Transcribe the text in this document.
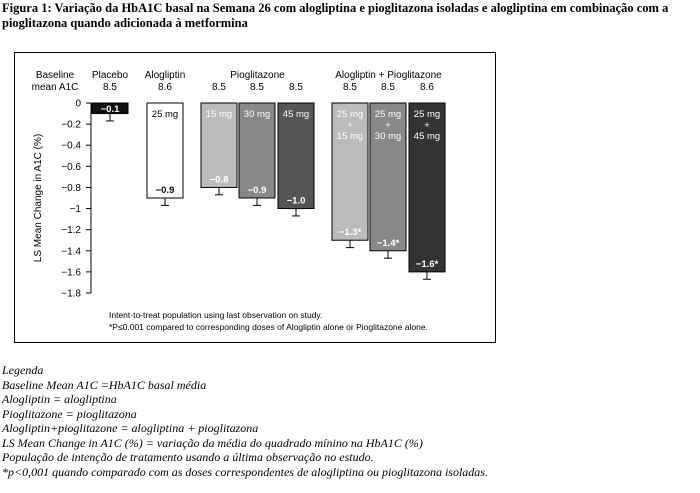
Figura 1: Variação da HbA1C basal na Semana 26 com alogliptina e pioglitazona isoladas e alogliptina em combinação com a pioglitazona quando adicionada à metformina
0
−0.2
−0.4
−0.6
−0.8
−1
−1.2
−1.4
−1.6
−1.8
LS Mean Change in A1C (%)
Baseline
mean A1C
Placebo
8.5
Alogliptin
8.6
Pioglitazone
8.5 8.5	8.5
Alogliptin + Pioglitazone
8.5 8.5	8.6
−0.1	25 mg
−0.9
15 mg
−0.8
30 mg
−0.9
45 mg
−1.0
25 mg
+
15 mg
−1.3*
25 mg
+
30 mg
−1.4*
25 mg
+
45 mg
−1.6*
Intent-to-treat population using last observation on study.
*P≤0.001 compared to corresponding doses of Alogliptin alone or Pioglitazone alone.
Legenda
Baseline Mean A1C =HbA1C basal média
Alogliptin = alogliptina
Pioglitazone = pioglitazona
Alogliptin+pioglitazone = alogliptina + pioglitazona
LS Mean Change in A1C (%) = variação da média do quadrado mínino na HbA1C (%)
População de intenção de tratamento usando a última observação no estudo.
*p<0,001 quando comparado com as doses correspondentes de alogliptina ou pioglitazona isoladas.
